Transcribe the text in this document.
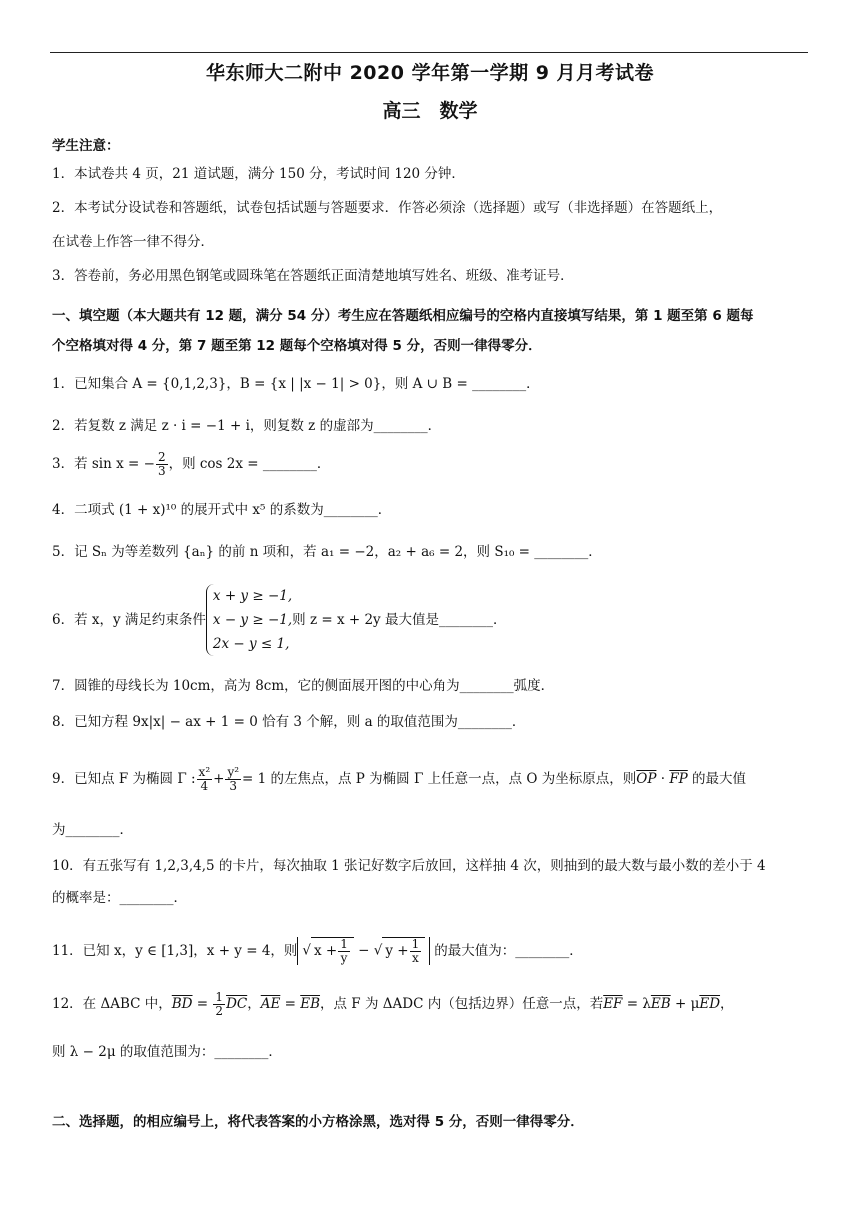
华东师大二附中 2020 学年第一学期 9 月月考试卷
高三　数学
学生注意：
1．本试卷共 4 页，21 道试题，满分 150 分，考试时间 120 分钟．
2．本考试分设试卷和答题纸，试卷包括试题与答题要求．作答必须涂（选择题）或写（非选择题）在答题纸上，
在试卷上作答一律不得分．
3．答卷前，务必用黑色钢笔或圆珠笔在答题纸正面清楚地填写姓名、班级、准考证号．
一、填空题（本大题共有 12 题，满分 54 分）考生应在答题纸相应编号的空格内直接填写结果，第 1 题至第 6 题每
个空格填对得 4 分，第 7 题至第 12 题每个空格填对得 5 分，否则一律得零分．
1．已知集合 A = {0,1,2,3}，B = {x | |x − 1| > 0}，则 A ∪ B = ________．
2．若复数 z 满足 z · i = −1 + i，则复数 z 的虚部为________．
3．若 sin x = − $\frac{2}{3}$ ，则 cos 2x = ________．
4．二项式 (1 + x)¹⁰ 的展开式中 x⁵ 的系数为________．
5．记 Sₙ 为等差数列 {aₙ} 的前 n 项和，若 a₁ = −2，a₂ + a₆ = 2，则 S₁₀ = ________．
6．若 x，y 满足约束条件
x + y ≥ −1,
x − y ≥ −1,
2x − y ≤ 1,
则 z = x + 2y 最大值是________．
7．圆锥的母线长为 10cm，高为 8cm，它的侧面展开图的中心角为________弧度．
8．已知方程 9x|x| − ax + 1 = 0 恰有 3 个解，则 a 的取值范围为________．
9．已知点 F 为椭圆 Γ : $\frac{\text{x²}}{4} + \frac{\text{y²}}{3} = 1$ 的左焦点，点 P 为椭圆 Γ 上任意一点，点 O 为坐标原点，则$\overline{OP} \cdot \overline{FP}$ 的最大值
为________．
10．有五张写有 1,2,3,4,5 的卡片，每次抽取 1 张记好数字后放回，这样抽 4 次，则抽到的最大数与最小数的差小于 4
的概率是：________．
11．已知 x，y ∈ [1,3]，x + y = 4，则 √ $x + \frac{1}{y}$ − √ $y + \frac{1}{x}$ 的最大值为：________．
12．在 ΔABC 中，$\overline{BD} = \frac{1}{2} \overline{DC}$，$\overline{AE} = \overline{EB}$，点 F 为 ΔADC 内（包括边界）任意一点，若$\overline{EF} = \lambda\overline{EB} + \mu\overline{ED}$，
则 λ − 2μ 的取值范围为：________．
二、选择题，的相应编号上，将代表答案的小方格涂黑，选对得 5 分，否则一律得零分．
